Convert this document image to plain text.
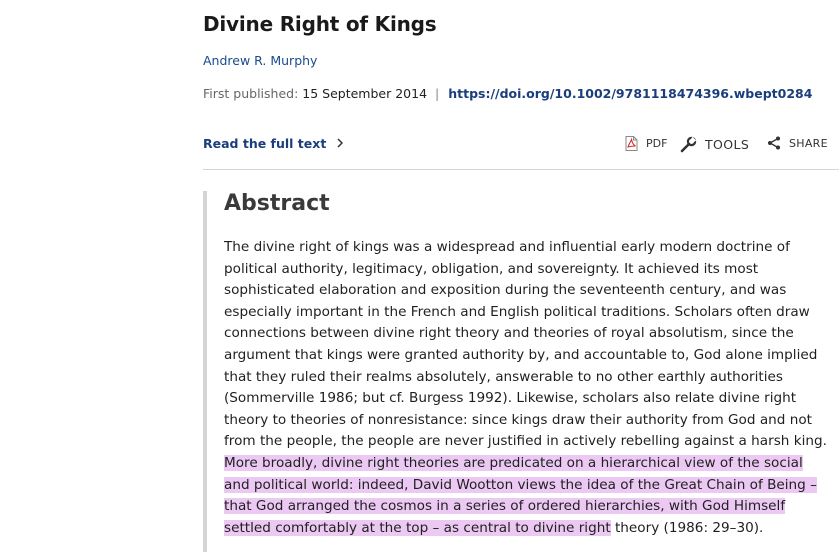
Divine Right of Kings
Andrew R. Murphy
First published: 15 September 2014 | https://doi.org/10.1002/9781118474396.wbept0284
Read the full text	PDF	TOOLS	SHARE
Abstract

The divine right of kings was a widespread and influential early modern doctrine of political authority, legitimacy, obligation, and sovereignty. It achieved its most sophisticated elaboration and exposition during the seventeenth century, and was especially important in the French and English political traditions. Scholars often draw connections between divine right theory and theories of royal absolutism, since the argument that kings were granted authority by, and accountable to, God alone implied that they ruled their realms absolutely, answerable to no other earthly authorities (Sommerville 1986; but cf. Burgess 1992). Likewise, scholars also relate divine right theory to theories of nonresistance: since kings draw their authority from God and not from the people, the people are never justified in actively rebelling against a harsh king. More broadly, divine right theories are predicated on a hierarchical view of the social and political world: indeed, David Wootton views the idea of the Great Chain of Being – that God arranged the cosmos in a series of ordered hierarchies, with God Himself settled comfortably at the top – as central to divine right theory (1986: 29–30).
